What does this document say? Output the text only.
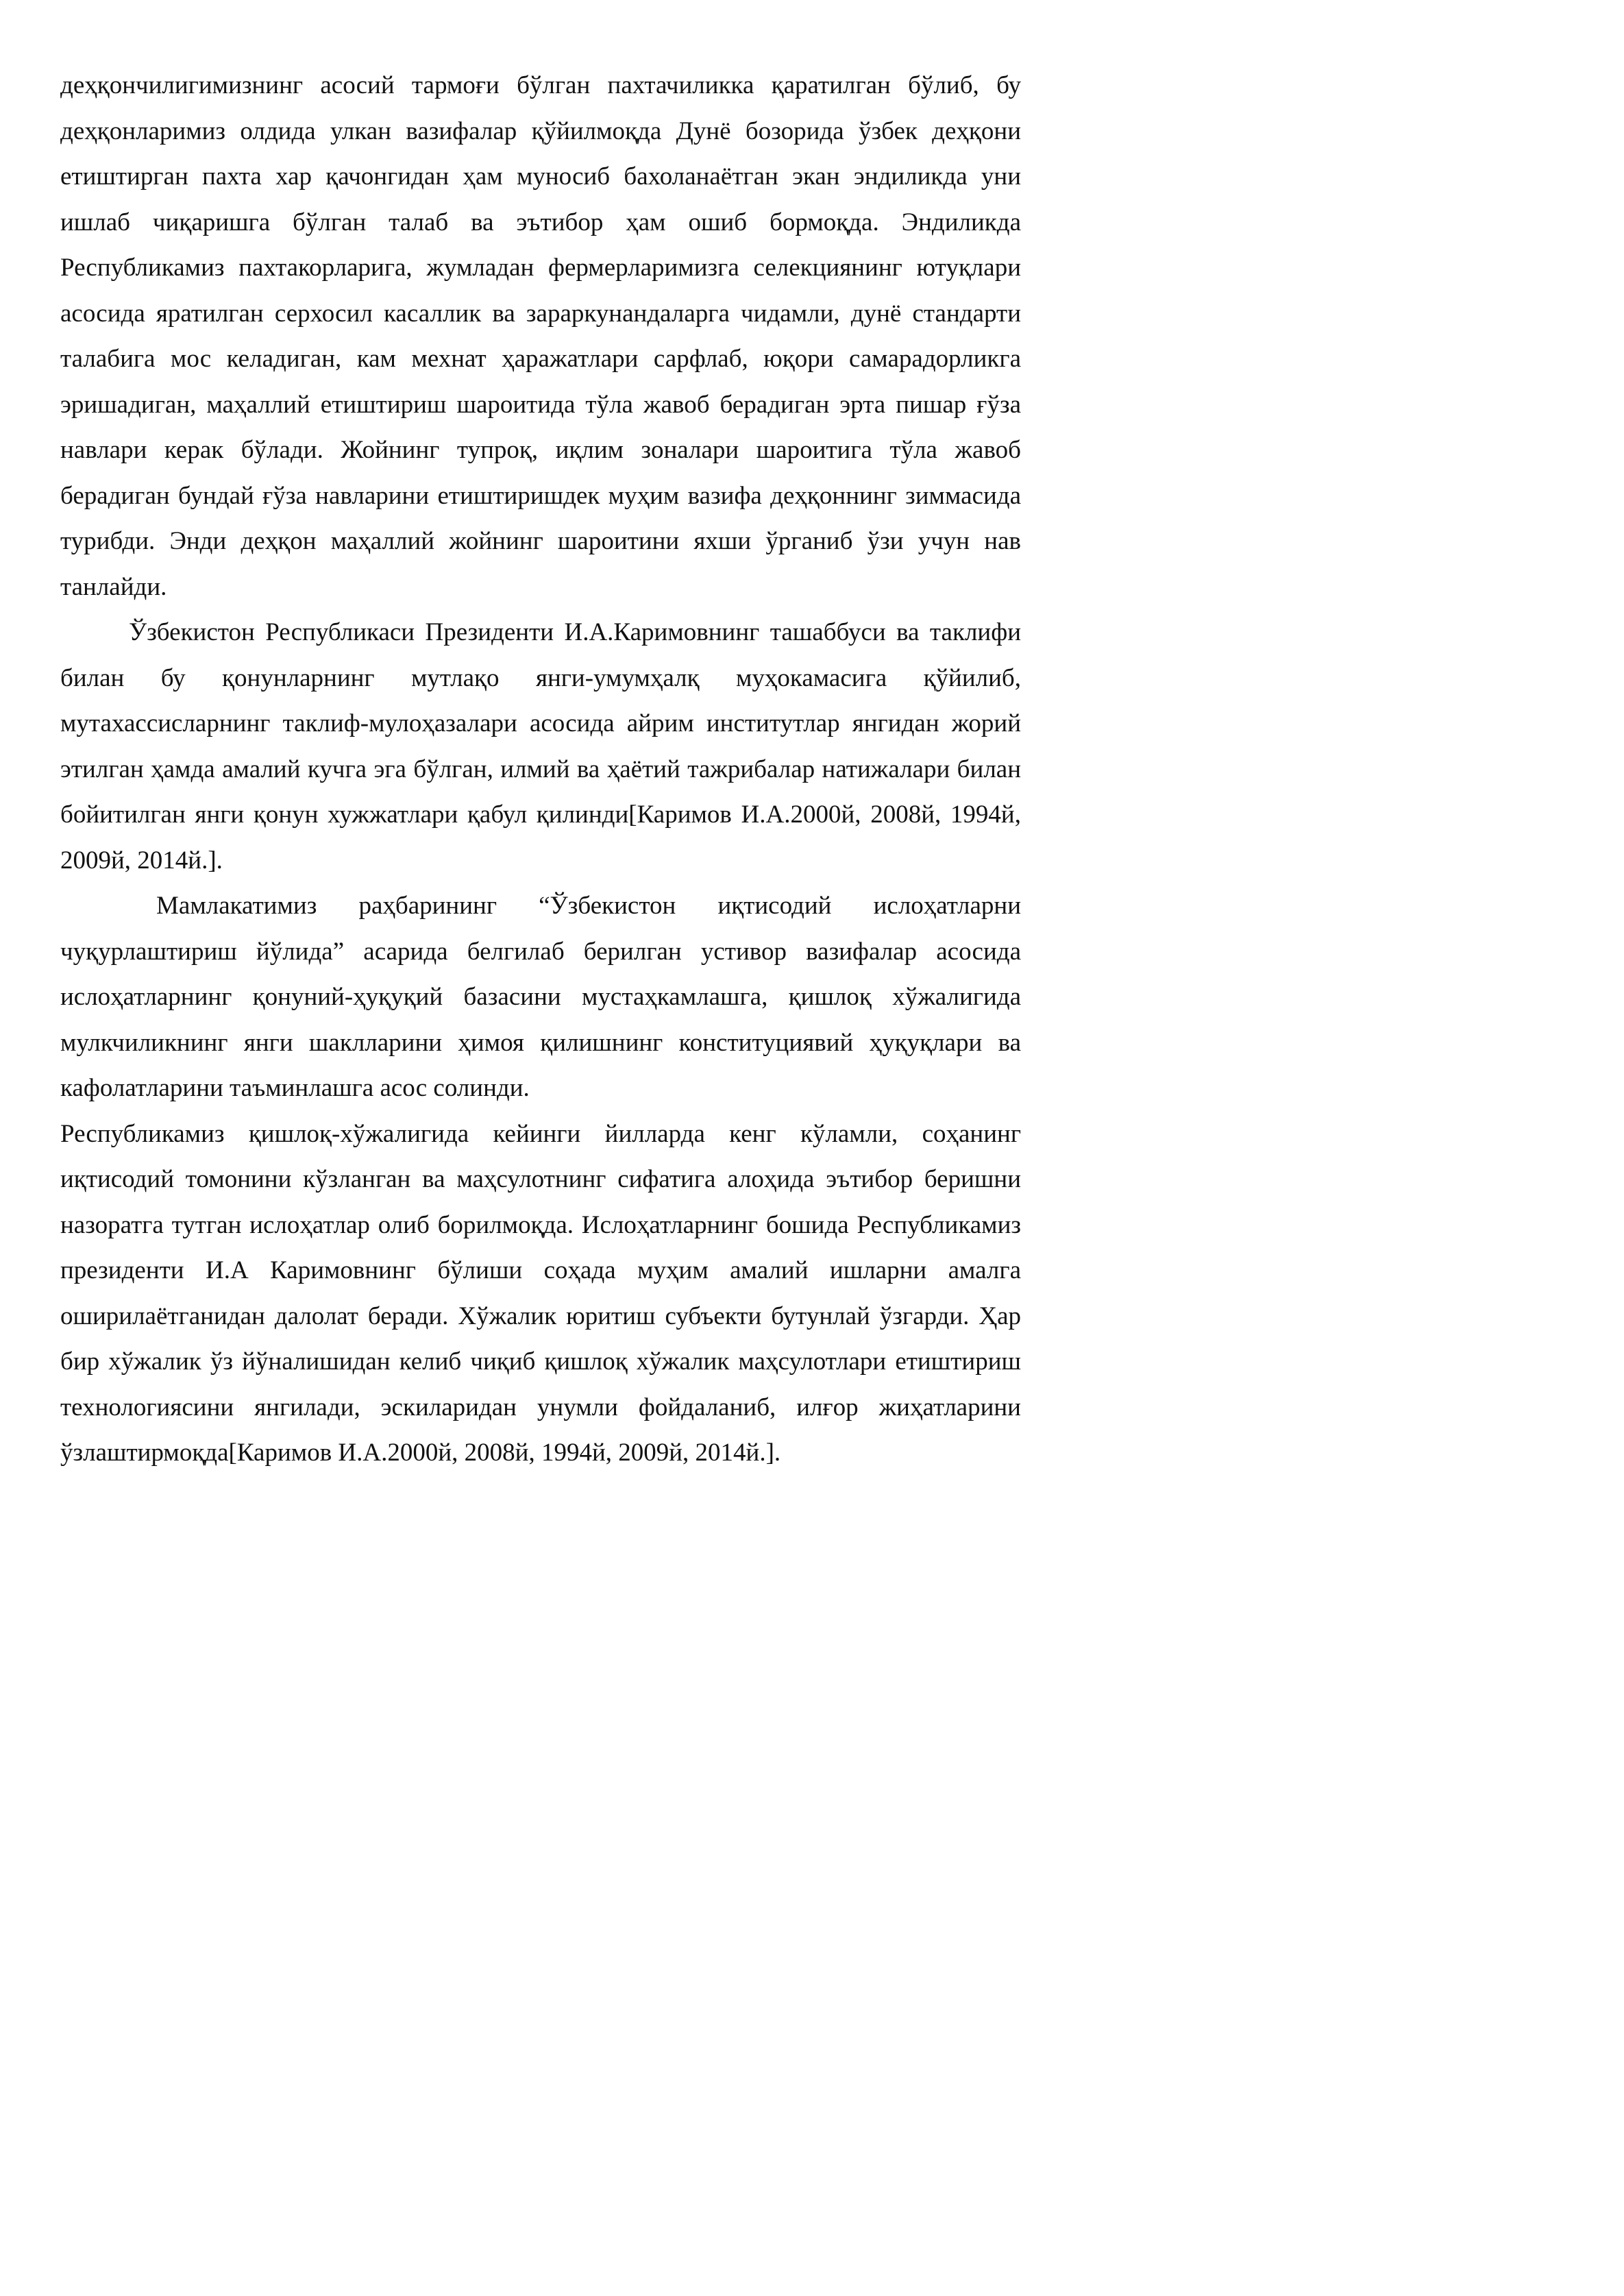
деҳқончилигимизнинг асосий тармоғи бўлган пахтачиликка қаратилган бўлиб, бу деҳқонларимиз олдида улкан вазифалар қўйилмоқда Дунё бозорида ўзбек деҳқони етиштирган пахта хар қачонгидан ҳам муносиб бахоланаётган экан эндиликда уни ишлаб чиқаришга бўлган талаб ва эътибор ҳам ошиб бормоқда. Эндиликда Республикамиз пахтакорларига, жумладан фермерларимизга селекциянинг ютуқлари асосида яратилган серхосил касаллик ва зараркунандаларга чидамли, дунё стандарти талабига мос келадиган, кам мехнат ҳаражатлари сарфлаб, юқори самарадорликга эришадиган, маҳаллий етиштириш шароитида тўла жавоб берадиган эрта пишар ғўза навлари керак бўлади. Жойнинг тупроқ, иқлим зоналари шароитига тўла жавоб берадиган бундай ғўза навларини етиштиришдек муҳим вазифа деҳқоннинг зиммасида турибди. Энди деҳқон маҳаллий жойнинг шароитини яхши ўрганиб ўзи учун нав танлайди.

Ўзбекистон Республикаси Президенти И.А.Каримовнинг ташаббуси ва таклифи билан бу қонунларнинг мутлақо янги-умумҳалқ муҳокамасига қўйилиб, мутахассисларнинг таклиф-мулоҳазалари асосида айрим институтлар янгидан жорий этилган ҳамда амалий кучга эга бўлган, илмий ва ҳаётий тажрибалар натижалари билан бойитилган янги қонун хужжатлари қабул қилинди[Каримов И.А.2000й, 2008й, 1994й, 2009й, 2014й.].

Мамлакатимиз раҳбарининг “Ўзбекистон иқтисодий ислоҳатларни чуқурлаштириш йўлида” асарида белгилаб берилган устивор вазифалар асосида ислоҳатларнинг қонуний-ҳуқуқий базасини мустаҳкамлашга, қишлоқ хўжалигида мулкчиликнинг янги шаклларини ҳимоя қилишнинг конституциявий ҳуқуқлари ва кафолатларини таъминлашга асос солинди.

Республикамиз қишлоқ-хўжалигида кейинги йилларда кенг кўламли, соҳанинг иқтисодий томонини кўзланган ва маҳсулотнинг сифатига алоҳида эътибор беришни назоратга тутган ислоҳатлар олиб борилмоқда. Ислоҳатларнинг бошида Республикамиз президенти И.А Каримовнинг бўлиши соҳада муҳим амалий ишларни амалга оширилаётганидан далолат беради. Хўжалик юритиш субъекти бутунлай ўзгарди. Ҳар бир хўжалик ўз йўналишидан келиб чиқиб қишлоқ хўжалик маҳсулотлари етиштириш технологиясини янгилади, эскиларидан унумли фойдаланиб, илғор жиҳатларини ўзлаштирмоқда[Каримов И.А.2000й, 2008й, 1994й, 2009й, 2014й.].
